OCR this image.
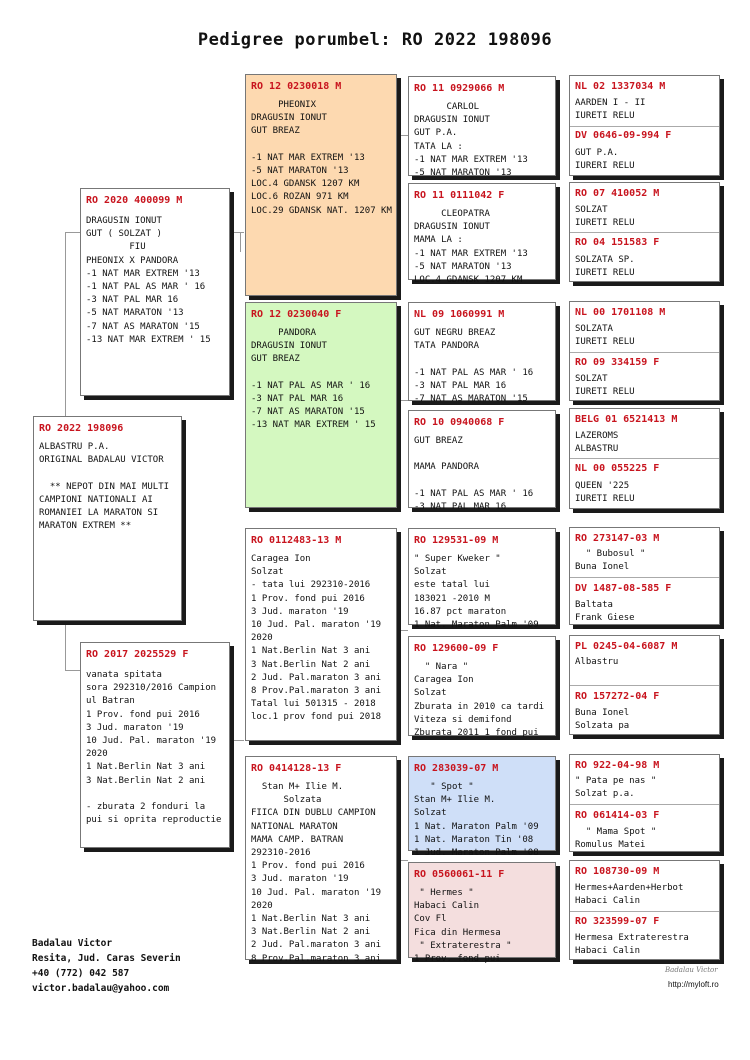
Pedigree porumbel: RO 2022 198096
RO 2022 198096
ALBASTRU P.A.
ORIGINAL BADALAU VICTOR

** NEPOT DIN MAI MULTI
CAMPIONI NATIONALI AI
ROMANIEI LA MARATON SI
MARATON EXTREM **
RO 2020 400099 M
DRAGUSIN IONUT
GUT ( SOLZAT )
FIU
PHEONIX X PANDORA
-1 NAT MAR EXTREM '13
-1 NAT PAL AS MAR ' 16
-3 NAT PAL MAR 16
-5 NAT MARATON '13
-7 NAT AS MARATON '15
-13 NAT MAR EXTREM ' 15
RO 2017 2025529 F
vanata spitata
sora 292310/2016 Campion ul Batran
1 Prov. fond pui 2016
3 Jud. maraton '19
10 Jud. Pal. maraton '19 2020
1 Nat.Berlin Nat 3 ani
3 Nat.Berlin Nat 2 ani

- zburata 2 fonduri la pui si oprita reproductie
RO 12 0230018 M
PHEONIX
DRAGUSIN IONUT
GUT BREAZ

-1 NAT MAR EXTREM '13
-5 NAT MARATON '13
LOC.4 GDANSK 1207 KM
LOC.6 ROZAN 971 KM
LOC.29 GDANSK NAT. 1207 KM
RO 12 0230040 F
PANDORA
DRAGUSIN IONUT
GUT BREAZ

-1 NAT PAL AS MAR ' 16
-3 NAT PAL MAR 16
-7 NAT AS MARATON '15
-13 NAT MAR EXTREM ' 15
RO 0112483-13 M
Caragea Ion
Solzat
- tata lui 292310-2016
1 Prov. fond pui 2016
3 Jud. maraton '19
10 Jud. Pal. maraton '19 2020
1 Nat.Berlin Nat 3 ani
3 Nat.Berlin Nat 2 ani
2 Jud. Pal.maraton 3 ani
8 Prov.Pal.maraton 3 ani
Tatal lui 501315 - 2018
loc.1 prov fond pui 2018
RO 0414128-13 F
Stan M+ Ilie M.
Solzata
FIICA DIN DUBLU CAMPION
NATIONAL MARATON
MAMA CAMP. BATRAN
292310-2016
1 Prov. fond pui 2016
3 Jud. maraton '19
10 Jud. Pal. maraton '19 2020
1 Nat.Berlin Nat 3 ani
3 Nat.Berlin Nat 2 ani
2 Jud. Pal.maraton 3 ani
8 Prov.Pal.maraton 3 ani
RO 11 0929066 M
CARLOL
DRAGUSIN IONUT
GUT P.A.
TATA LA :
-1 NAT MAR EXTREM '13
-5 NAT MARATON '13
RO 11 0111042 F
CLEOPATRA
DRAGUSIN IONUT
MAMA LA :
-1 NAT MAR EXTREM '13
-5 NAT MARATON '13
LOC.4 GDANSK 1207 KM
NL 09 1060991 M
GUT NEGRU BREAZ
TATA PANDORA

-1 NAT PAL AS MAR ' 16
-3 NAT PAL MAR 16
-7 NAT AS MARATON '15
RO 10 0940068 F
GUT BREAZ

MAMA PANDORA

-1 NAT PAL AS MAR ' 16
-3 NAT PAL MAR 16
RO 129531-09 M
" Super Kweker "
Solzat
este tatal lui
183021 -2010 M
16.87 pct maraton
1 Nat. Maraton Palm '09
RO 129600-09 F
" Nara "
Caragea Ion
Solzat
Zburata in 2010 ca tardi
Viteza si demifond
Zburata 2011 1 fond pui
RO 283039-07 M
" Spot "
Stan M+ Ilie M.
Solzat
1 Nat. Maraton Palm '09
1 Nat. Maraton Tin '08
1 Jud. Maraton Palm '08
RO 0560061-11 F
" Hermes "
Habaci Calin
Cov Fl
Fica din Hermesa
" Extraterestra "
1 Prov. fond pui
NL 02 1337034 M
AARDEN I - II
IURETI RELU
DV 0646-09-994 F
GUT P.A.
IURERI RELU
RO 07 410052 M
SOLZAT
IURETI RELU
RO 04 151583 F
SOLZATA SP.
IURETI RELU
NL 00 1701108 M
SOLZATA
IURETI RELU
RO 09 334159 F
SOLZAT
IURETI RELU
BELG 01 6521413 M
LAZEROMS
ALBASTRU
NL 00 055225 F
QUEEN '225
IURETI RELU
RO 273147-03 M
" Bubosul "
Buna Ionel
DV 1487-08-585 F
Baltata
Frank Giese
PL 0245-04-6087 M
Albastru
RO 157272-04 F
Buna Ionel
Solzata pa
RO 922-04-98 M
" Pata pe nas "
Solzat p.a.
RO 061414-03 F
" Mama Spot "
Romulus Matei
RO 108730-09 M
Hermes+Aarden+Herbot
Habaci Calin
RO 323599-07 F
Hermesa Extraterestra
Habaci Calin
Badalau Victor
Resita, Jud. Caras Severin
+40 (772) 042 587
victor.badalau@yahoo.com
Badalau Victor
http://myloft.ro
